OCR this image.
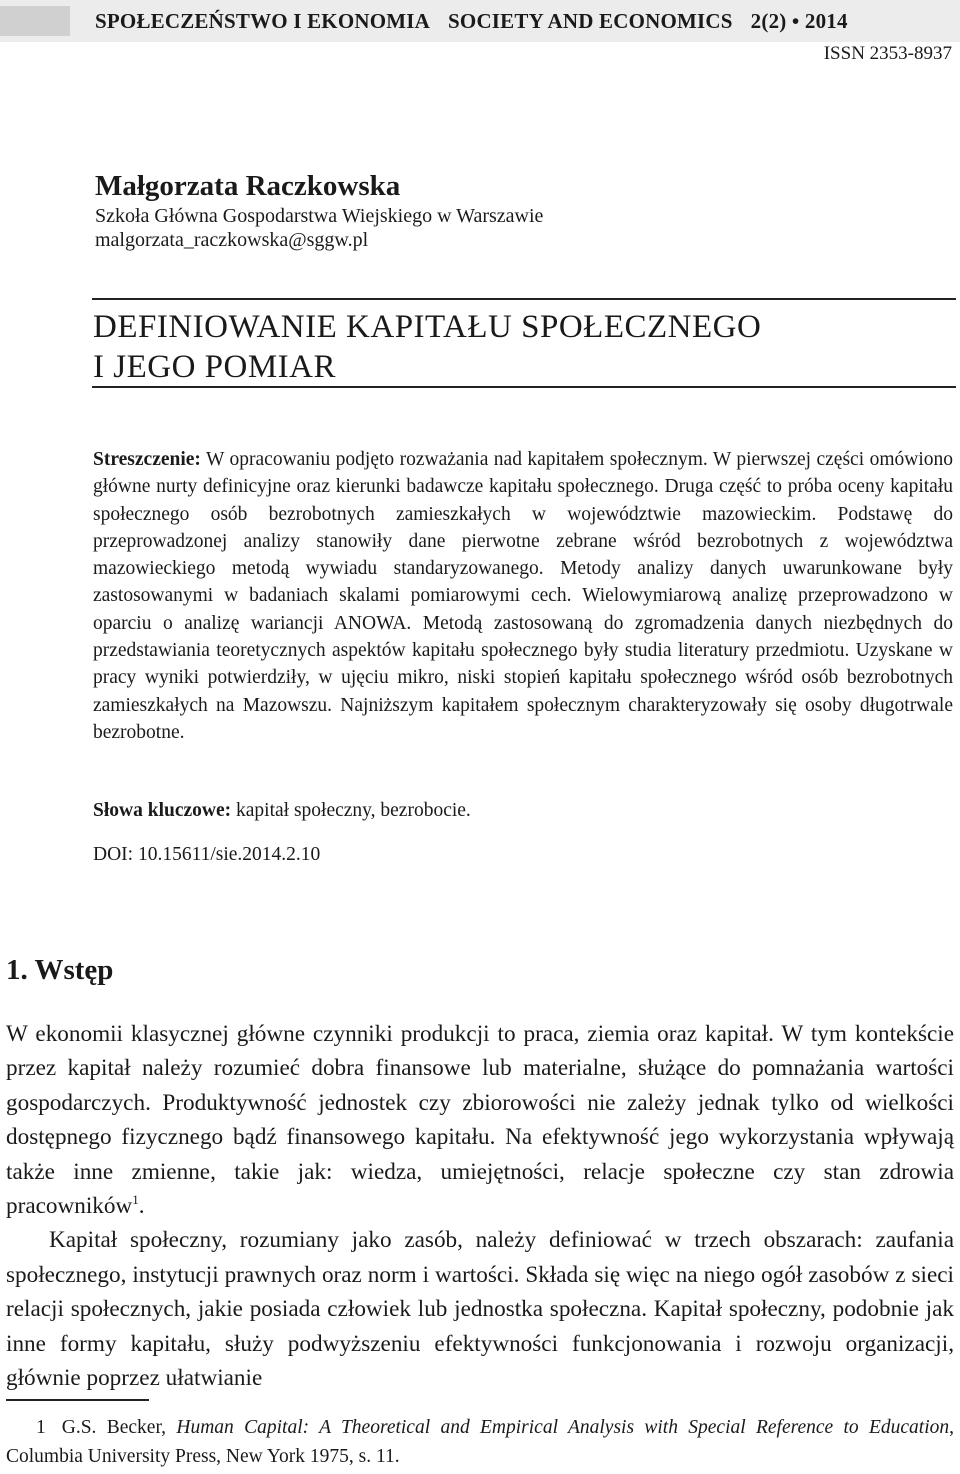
SPOŁECZEŃSTWO I EKONOMIA SOCIETY AND ECONOMICS 2(2) • 2014
ISSN 2353-8937
Małgorzata Raczkowska
Szkoła Główna Gospodarstwa Wiejskiego w Warszawie
malgorzata_raczkowska@sggw.pl
DEFINIOWANIE KAPITAŁU SPOŁECZNEGO
I JEGO POMIAR
Streszczenie: W opracowaniu podjęto rozważania nad kapitałem społecznym. W pierwszej części omówiono główne nurty definicyjne oraz kierunki badawcze kapitału społecznego. Druga część to próba oceny kapitału społecznego osób bezrobotnych zamieszkałych w województwie mazowieckim. Podstawę do przeprowadzonej analizy stanowiły dane pierwotne zebrane wśród bezrobotnych z województwa mazowieckiego metodą wywiadu standaryzowanego. Metody analizy danych uwarunkowane były zastosowanymi w badaniach skalami pomiarowymi cech. Wielowymiarową analizę przeprowadzono w oparciu o analizę wariancji ANOWA. Metodą zastosowaną do zgromadzenia danych niezbędnych do przedstawiania teoretycznych aspektów kapitału społecznego były studia literatury przedmiotu. Uzyskane w pracy wyniki potwierdziły, w ujęciu mikro, niski stopień kapitału społecznego wśród osób bezrobotnych zamieszkałych na Mazowszu. Najniższym kapitałem społecznym charakteryzowały się osoby długotrwale bezrobotne.
Słowa kluczowe: kapitał społeczny, bezrobocie.
DOI: 10.15611/sie.2014.2.10
1. Wstęp

W ekonomii klasycznej główne czynniki produkcji to praca, ziemia oraz kapitał. W tym kontekście przez kapitał należy rozumieć dobra finansowe lub materialne, służące do pomnażania wartości gospodarczych. Produktywność jednostek czy zbiorowości nie zależy jednak tylko od wielkości dostępnego fizycznego bądź finansowego kapitału. Na efektywność jego wykorzystania wpływają także inne zmienne, takie jak: wiedza, umiejętności, relacje społeczne czy stan zdrowia pracowników$^1$.

Kapitał społeczny, rozumiany jako zasób, należy definiować w trzech obszarach: zaufania społecznego, instytucji prawnych oraz norm i wartości. Składa się więc na niego ogół zasobów z sieci relacji społecznych, jakie posiada człowiek lub jednostka społeczna. Kapitał społeczny, podobnie jak inne formy kapitału, służy podwyższeniu efektywności funkcjonowania i rozwoju organizacji, głównie poprzez ułatwianie

1 G.S. Becker, Human Capital: A Theoretical and Empirical Analysis with Special Reference to Education, Columbia University Press, New York 1975, s. 11.
